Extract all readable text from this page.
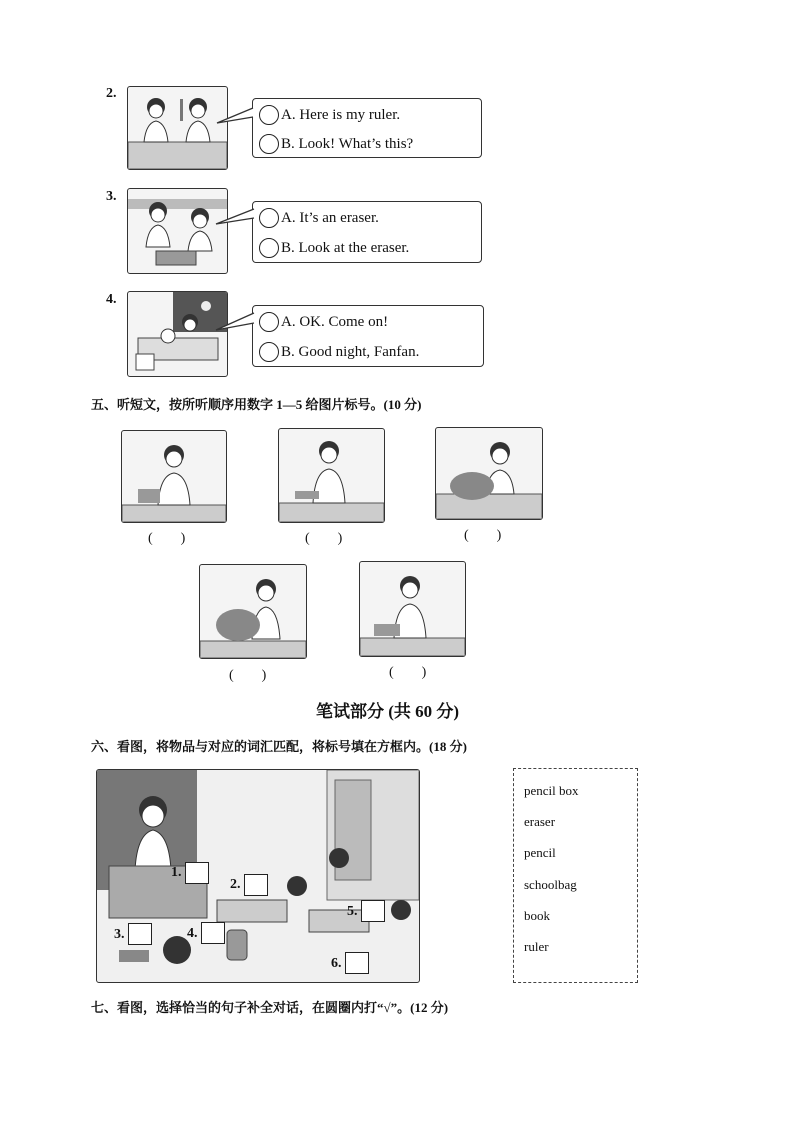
2.
A. Here is my ruler.
B. Look! What’s this?
3.
A. It’s an eraser.
B. Look at the eraser.
4.
A. OK. Come on!
B. Good night, Fanfan.
五、听短文，按所听顺序用数字 1—5 给图片标号。(10 分)
(　　)	(　　)	(　　)
(　　)	(　　)
笔试部分 (共 60 分)
六、看图，将物品与对应的词汇匹配，将标号填在方框内。(18 分)
1.
2.
3.	4.
5.
6.
pencil box
eraser
pencil
schoolbag
book
ruler
七、看图，选择恰当的句子补全对话，在圆圈内打“√”。(12 分)
